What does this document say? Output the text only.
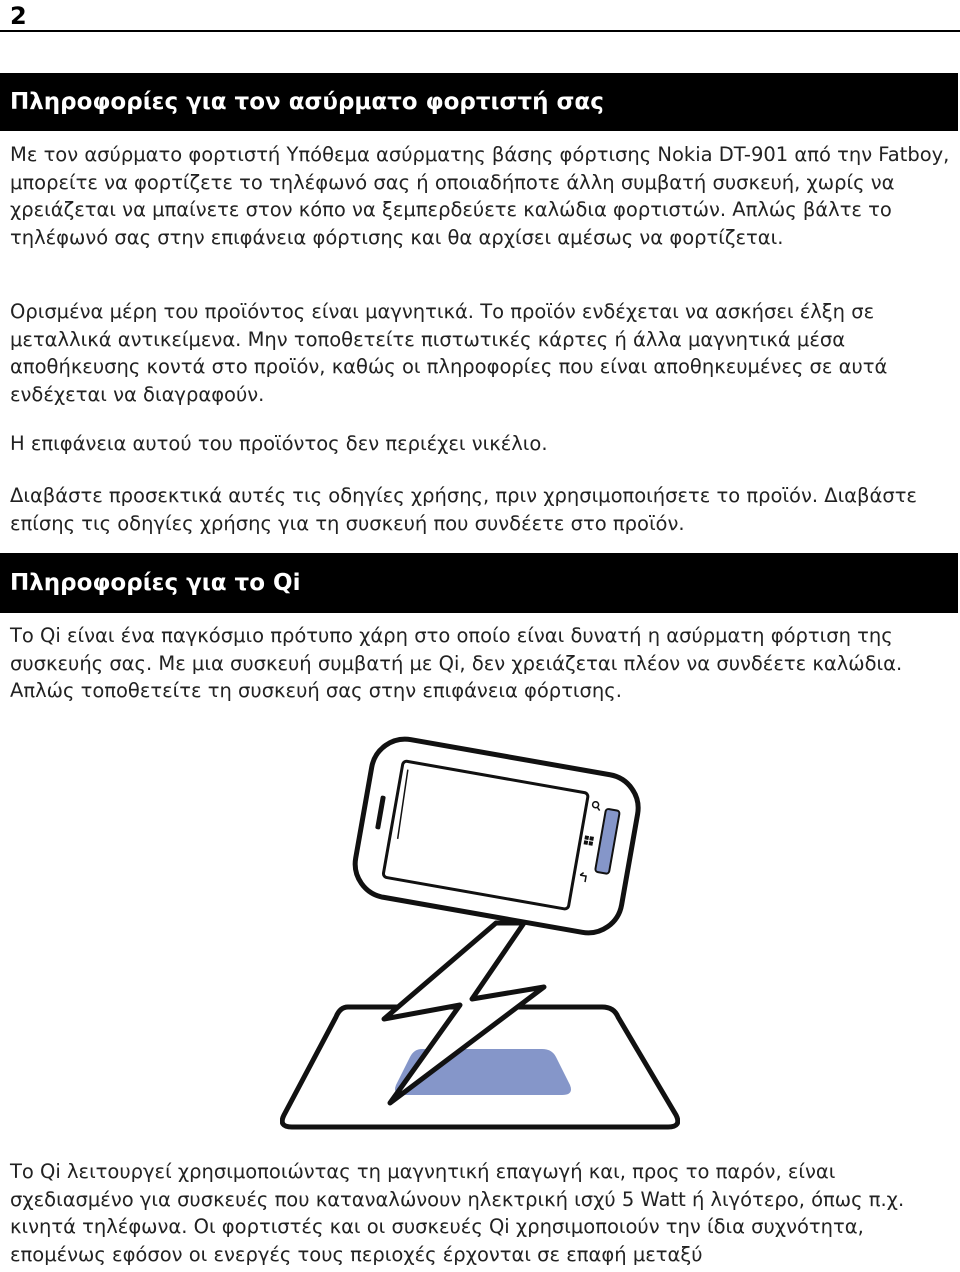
2
Πληροφορίες για τον ασύρματο φορτιστή σας

Με τον ασύρματο φορτιστή Υπόθεμα ασύρματης βάσης φόρτισης Nokia DT-901 από την Fatboy, μπορείτε να φορτίζετε το τηλέφωνό σας ή οποιαδήποτε άλλη συμβατή συσκευή, χωρίς να χρειάζεται να μπαίνετε στον κόπο να ξεμπερδεύετε καλώδια φορτιστών. Απλώς βάλτε το τηλέφωνό σας στην επιφάνεια φόρτισης και θα αρχίσει αμέσως να φορτίζεται.

Ορισμένα μέρη του προϊόντος είναι μαγνητικά. Το προϊόν ενδέχεται να ασκήσει έλξη σε μεταλλικά αντικείμενα. Μην τοποθετείτε πιστωτικές κάρτες ή άλλα μαγνητικά μέσα αποθήκευσης κοντά στο προϊόν, καθώς οι πληροφορίες που είναι αποθηκευμένες σε αυτά ενδέχεται να διαγραφούν.

Η επιφάνεια αυτού του προϊόντος δεν περιέχει νικέλιο.

Διαβάστε προσεκτικά αυτές τις οδηγίες χρήσης, πριν χρησιμοποιήσετε το προϊόν. Διαβάστε επίσης τις οδηγίες χρήσης για τη συσκευή που συνδέετε στο προϊόν.

Πληροφορίες για το Qi

Το Qi είναι ένα παγκόσμιο πρότυπο χάρη στο οποίο είναι δυνατή η ασύρματη φόρτιση της συσκευής σας. Με μια συσκευή συμβατή με Qi, δεν χρειάζεται πλέον να συνδέετε καλώδια. Απλώς τοποθετείτε τη συσκευή σας στην επιφάνεια φόρτισης.

Το Qi λειτουργεί χρησιμοποιώντας τη μαγνητική επαγωγή και, προς το παρόν, είναι σχεδιασμένο για συσκευές που καταναλώνουν ηλεκτρική ισχύ 5 Watt ή λιγότερο, όπως π.χ. κινητά τηλέφωνα. Οι φορτιστές και οι συσκευές Qi χρησιμοποιούν την ίδια συχνότητα, επομένως εφόσον οι ενεργές τους περιοχές έρχονται σε επαφή μεταξύ
